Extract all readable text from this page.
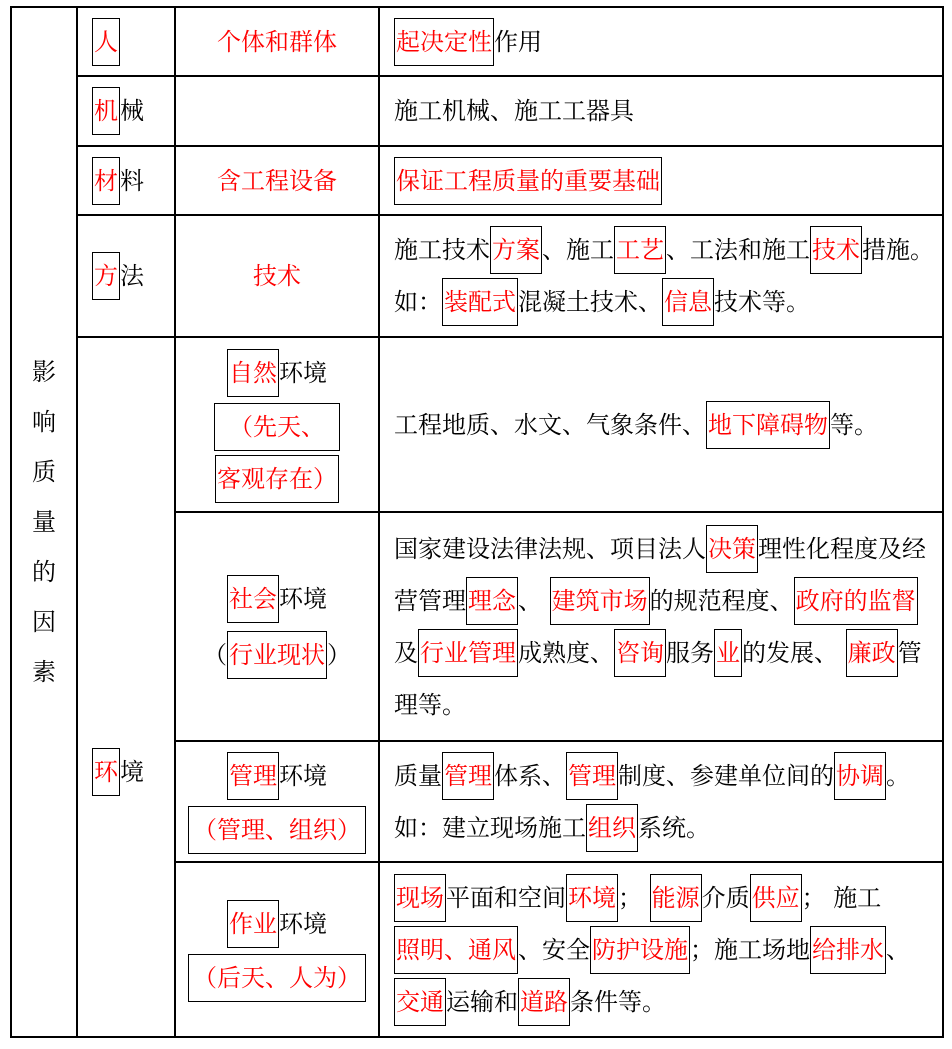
影
响
质
量
的
因
素
	人	个体和群体	起决定性作用
	机械		施工机械、施工工器具
	材料	含工程设备	保证工程质量的重要基础
	方法	技术	施工技术方案、施工工艺、工法和施工技术措施。如：装配式混凝土技术、信息技术等。
	环境	自然环境
（先天、
客观存在）	工程地质、水文、气象条件、地下障碍物等。

		社会环境
（行业现状）	国家建设法律法规、项目法人决策理性化程度及经营管理理念、 建筑市场的规范程度、政府的监督及行业管理成熟度、咨询服务业的发展、 廉政管理等。

		管理环境
（管理、组织）	质量管理体系、管理制度、参建单位间的协调。如：建立现场施工组织系统。

		作业环境
（后天、人为）	现场平面和空间环境； 能源介质供应； 施工照明、通风、安全防护设施；施工场地给排水、 交通运输和道路条件等。
